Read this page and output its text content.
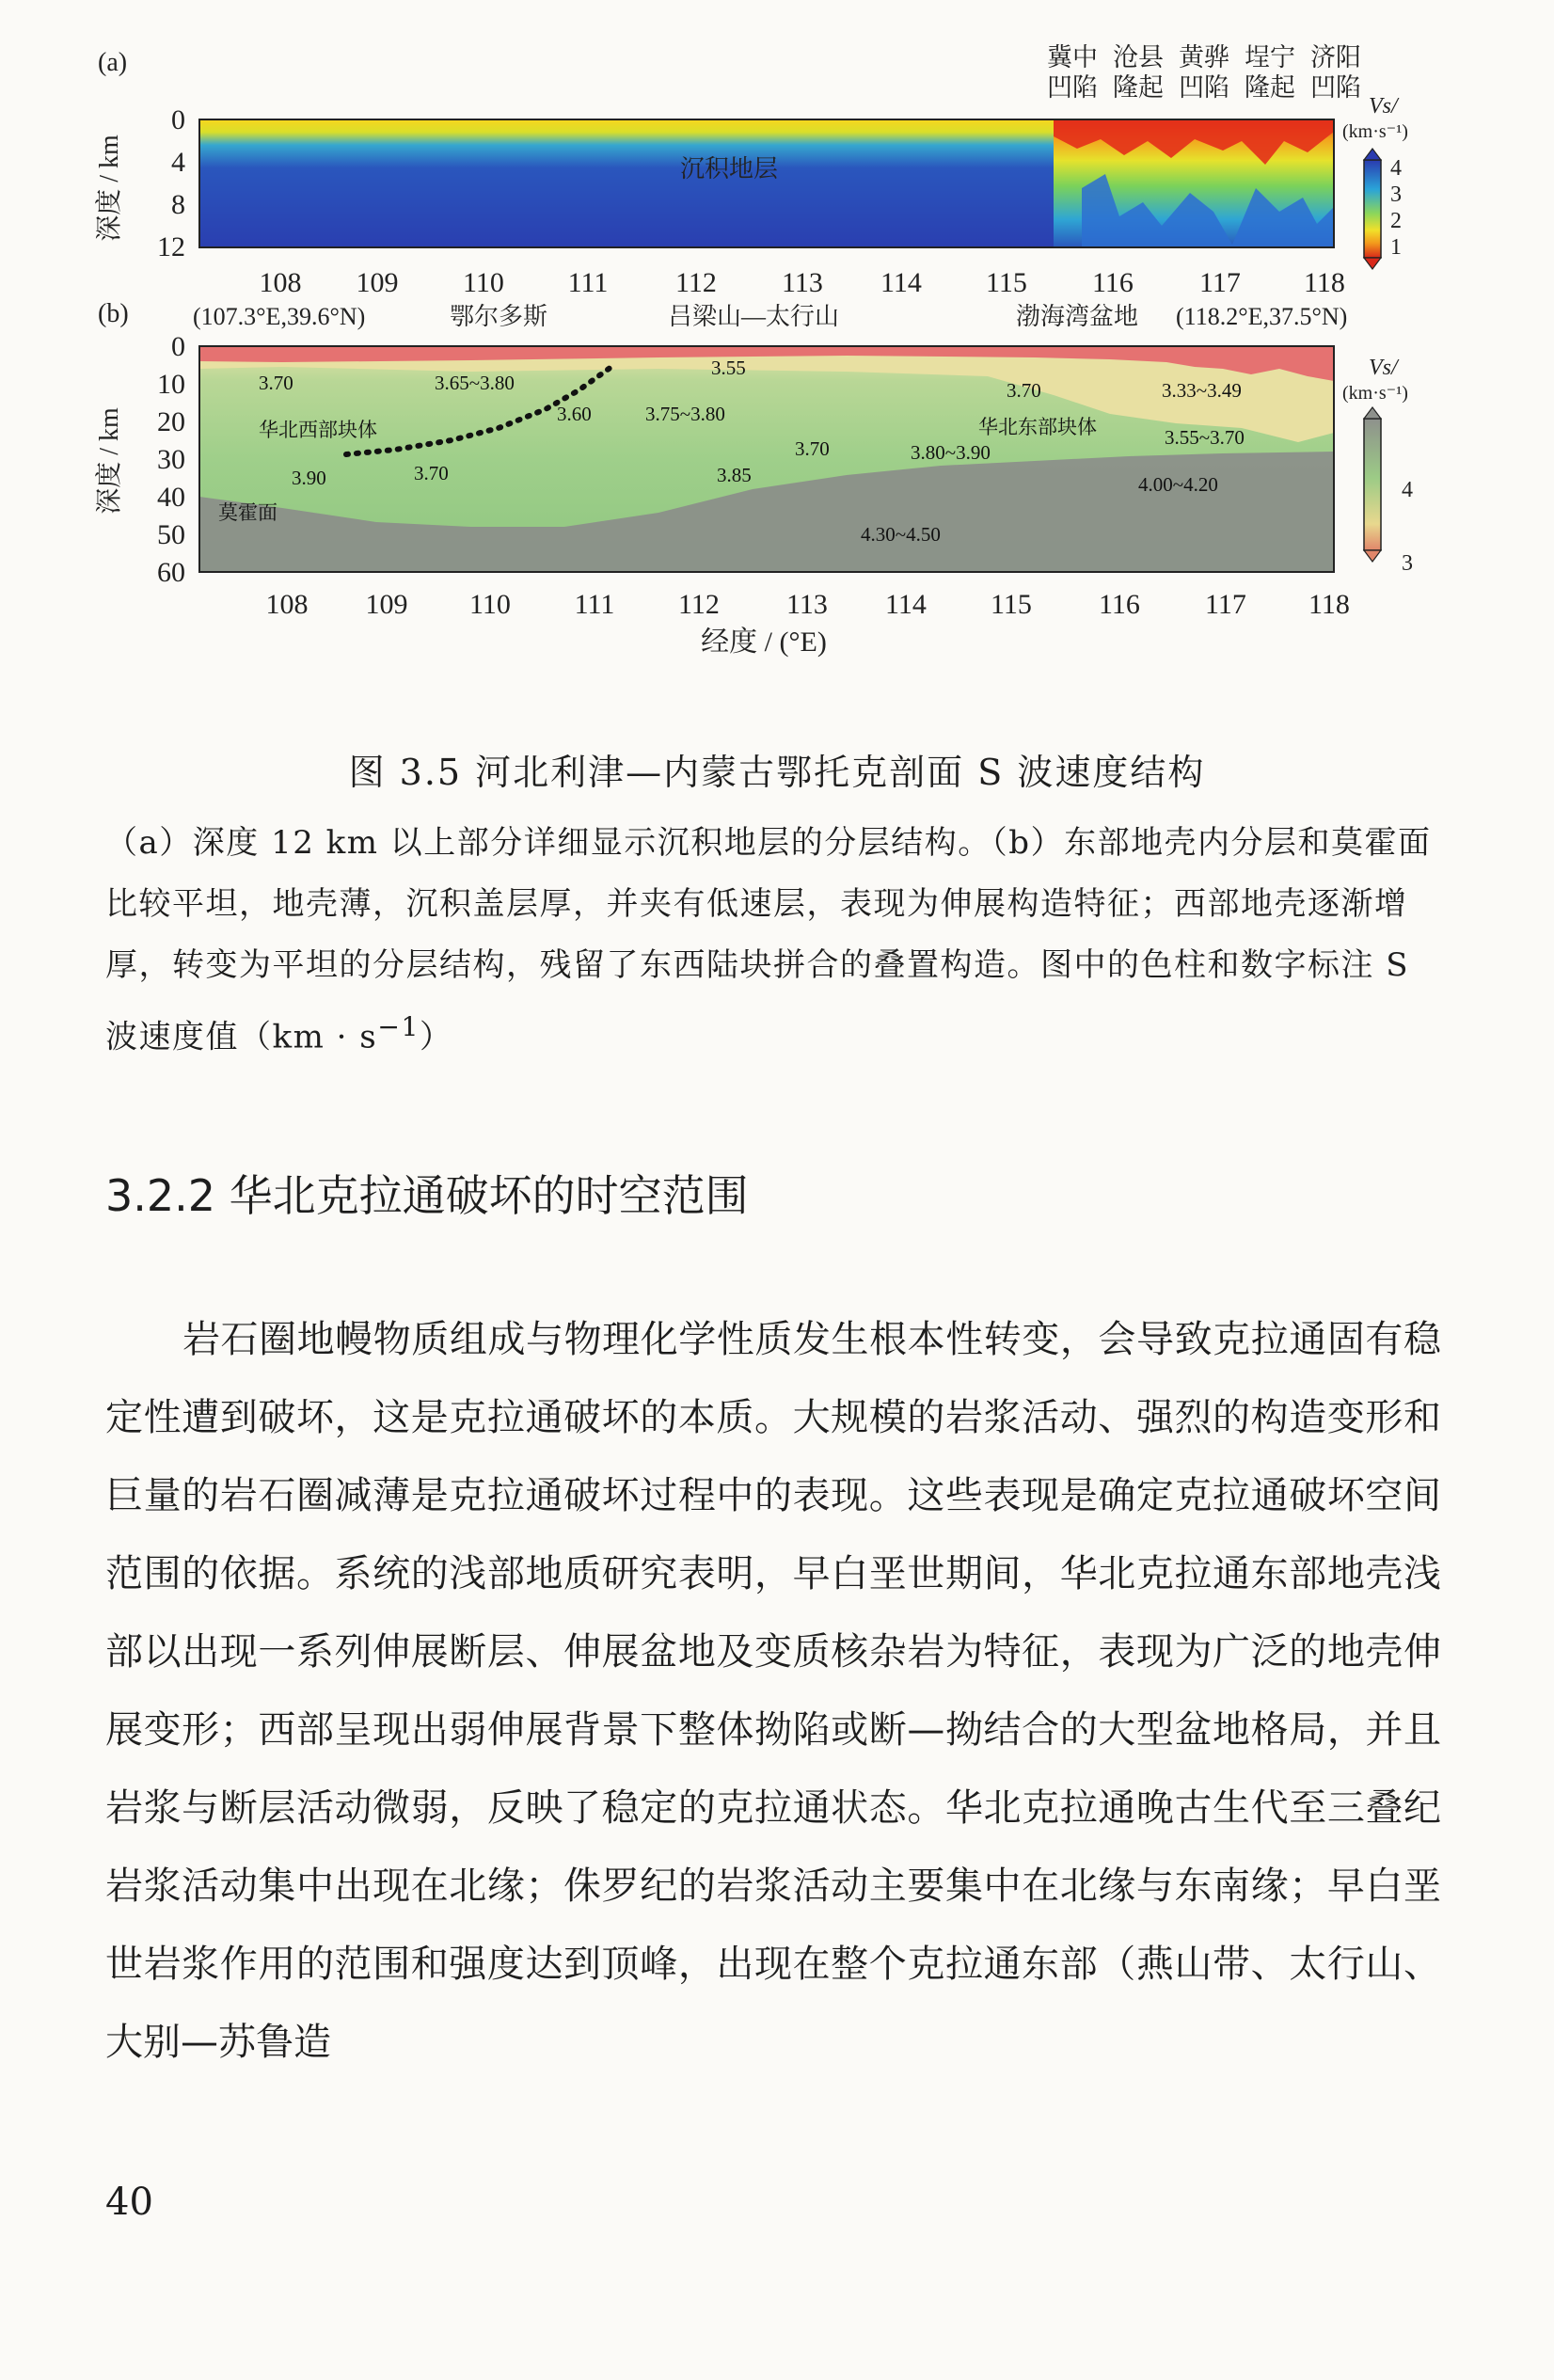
(a)
深度 / km
冀中 沧县 黄骅 埕宁 济阳
凹陷 隆起 凹陷 隆起 凹陷
沉积地层
0
4
8
12
108 109 110 111 112 113 114 115 116 117 118
Vs/
(km·s⁻¹)
4
3
2
1
(b)	(107.3°E,39.6°N)	鄂尔多斯	吕梁山—太行山	渤海湾盆地 (118.2°E,37.5°N)
深度 / km	华北西部块体	华北东部块体
莫霍面
3.70	3.65~3.80
3.55
3.60	3.75~3.80
3.70	3.33~3.49
3.90	3.70	3.85
3.70	3.80~3.90
3.55~3.70
4.00~4.20
4.30~4.50
0
10
20
30
40
50
60
108 109 110 111 112 113 114 115 116 117 118
经度 / (°E)
Vs/
(km·s⁻¹)
4
3
图 3.5 河北利津—内蒙古鄂托克剖面 S 波速度结构

（a）深度 12 km 以上部分详细显示沉积地层的分层结构。（b）东部地壳内分层和莫霍面比较平坦，地壳薄，沉积盖层厚，并夹有低速层，表现为伸展构造特征；西部地壳逐渐增厚，转变为平坦的分层结构，残留了东西陆块拼合的叠置构造。图中的色柱和数字标注 S 波速度值$(km \cdot s^{-1})$

3.2.2 华北克拉通破坏的时空范围

岩石圈地幔物质组成与物理化学性质发生根本性转变，会导致克拉通固有稳定性遭到破坏，这是克拉通破坏的本质。大规模的岩浆活动、强烈的构造变形和巨量的岩石圈减薄是克拉通破坏过程中的表现。这些表现是确定克拉通破坏空间范围的依据。系统的浅部地质研究表明，早白垩世期间，华北克拉通东部地壳浅部以出现一系列伸展断层、伸展盆地及变质核杂岩为特征，表现为广泛的地壳伸展变形；西部呈现出弱伸展背景下整体拗陷或断—拗结合的大型盆地格局，并且岩浆与断层活动微弱，反映了稳定的克拉通状态。华北克拉通晚古生代至三叠纪岩浆活动集中出现在北缘；侏罗纪的岩浆活动主要集中在北缘与东南缘；早白垩世岩浆作用的范围和强度达到顶峰，出现在整个克拉通东部（燕山带、太行山、大别—苏鲁造

40
